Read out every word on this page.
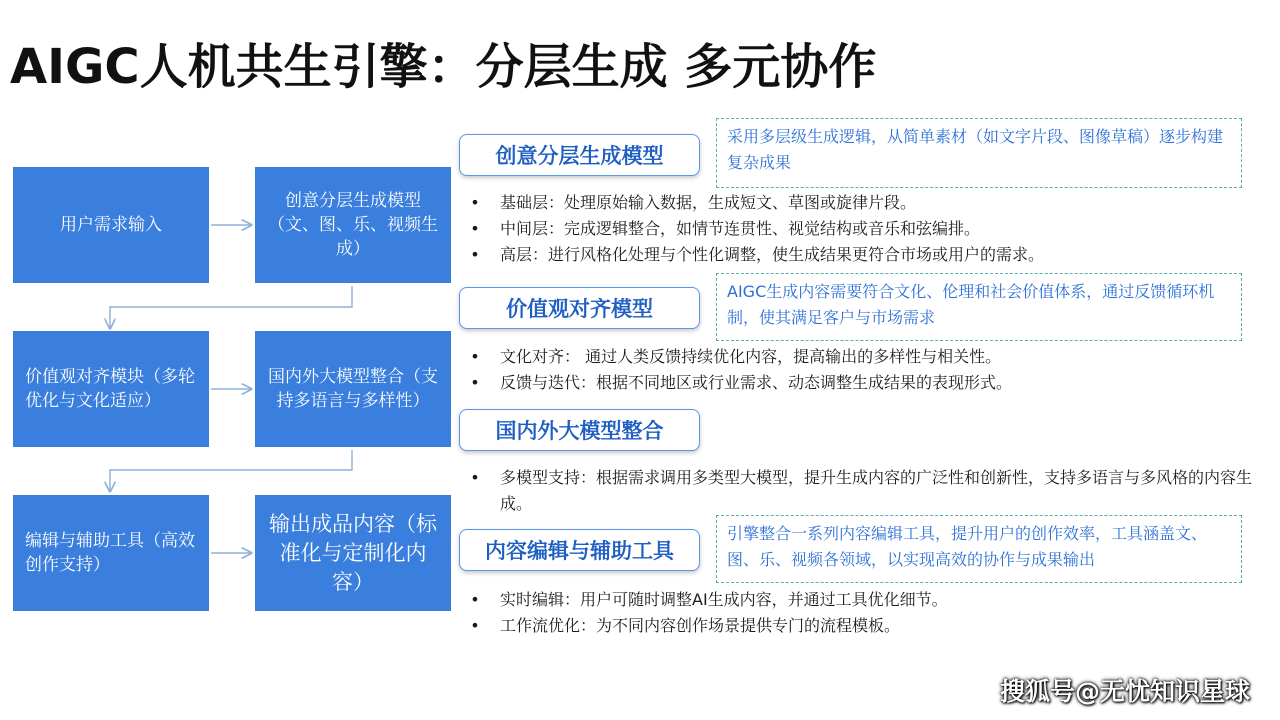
AIGC人机共生引擎：分层生成 多元协作
用户需求输入
创意分层生成模型（文、图、乐、视频生成）
价值观对齐模块（多轮优化与文化适应）
国内外大模型整合（支持多语言与多样性）
编辑与辅助工具（高效创作支持）
输出成品内容（标准化与定制化内容）
创意分层生成模型
采用多层级生成逻辑，从简单素材（如文字片段、图像草稿）逐步构建复杂成果
• 基础层：处理原始输入数据，生成短文、草图或旋律片段。
• 中间层：完成逻辑整合，如情节连贯性、视觉结构或音乐和弦编排。
• 高层：进行风格化处理与个性化调整，使生成结果更符合市场或用户的需求。
价值观对齐模型
AIGC生成内容需要符合文化、伦理和社会价值体系，通过反馈循环机制，使其满足客户与市场需求
• 文化对齐： 通过人类反馈持续优化内容，提高输出的多样性与相关性。
• 反馈与迭代：根据不同地区或行业需求、动态调整生成结果的表现形式。
国内外大模型整合
• 多模型支持：根据需求调用多类型大模型，提升生成内容的广泛性和创新性，支持多语言与多风格的内容生成。
内容编辑与辅助工具
引擎整合一系列内容编辑工具，提升用户的创作效率，工具涵盖文、图、乐、视频各领域，以实现高效的协作与成果输出
• 实时编辑：用户可随时调整AI生成内容，并通过工具优化细节。
• 工作流优化：为不同内容创作场景提供专门的流程模板。
搜狐号@无忧知识星球
